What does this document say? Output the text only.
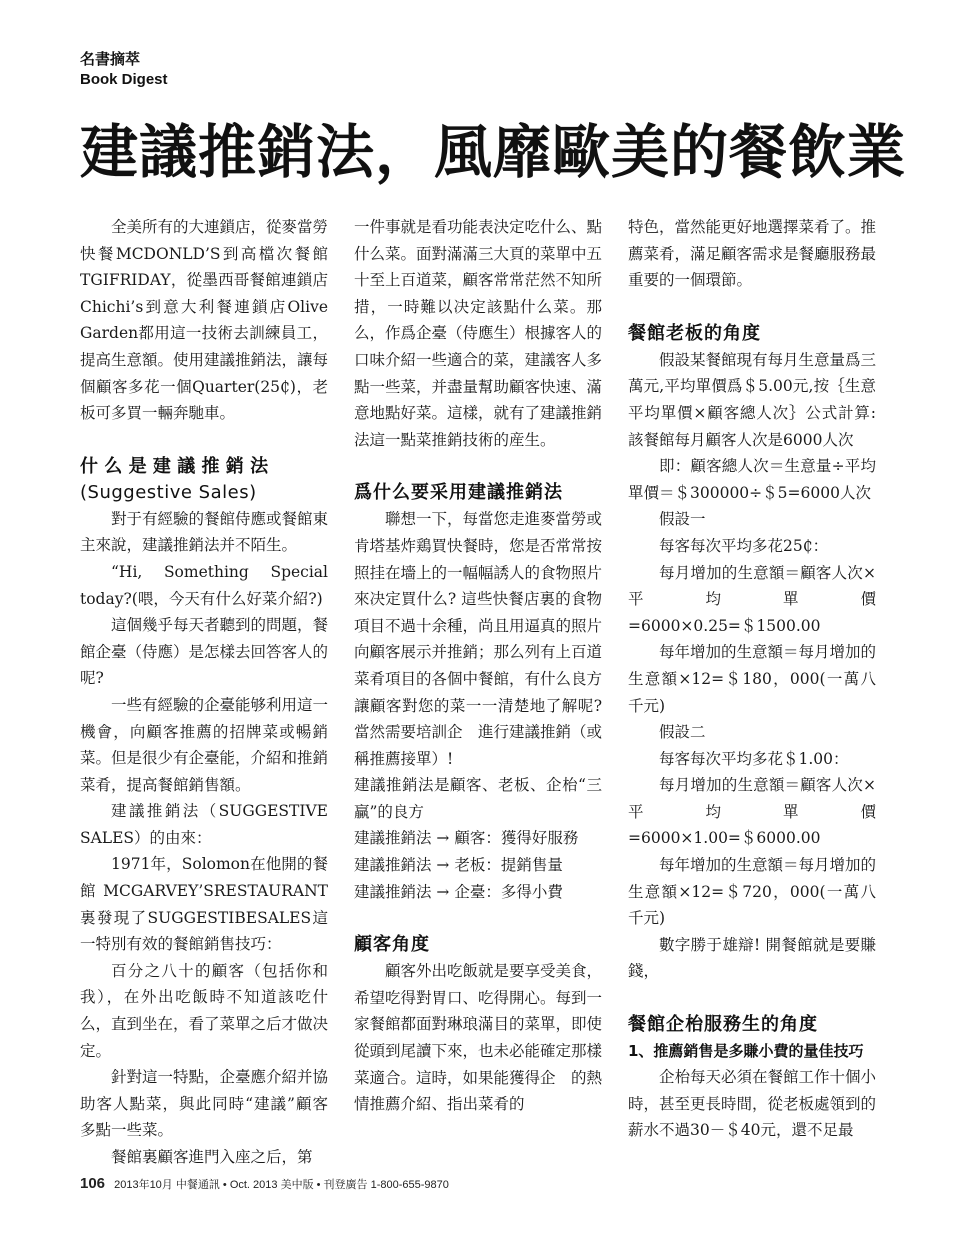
名書摘萃
Book Digest
建議推銷法，風靡歐美的餐飲業

全美所有的大連鎖店，從麥當勞快餐MCDONLD’S到高檔次餐館TGIFRIDAY，從墨西哥餐館連鎖店Chichi’s到意大利餐連鎖店Olive Garden都用這一技術去訓練員工，提高生意額。使用建議推銷法，讓每個顧客多花一個Quarter(25₵)，老板可多買一輛奔馳車。

什么是建議推銷法
(Suggestive Sales)

對于有經驗的餐館侍應或餐館東主來說，建議推銷法并不陌生。

“Hi, Something Special today?(喂，今天有什么好菜介紹?)

這個幾乎每天者聽到的問題，餐館企臺（侍應）是怎樣去回答客人的呢?

一些有經驗的企臺能够利用這一機會，向顧客推薦的招牌菜或暢銷菜。但是很少有企臺能，介紹和推銷菜肴，提高餐館銷售額。

建議推銷法（SUGGESTIVE SALES）的由來：

1971年，Solomon在他開的餐館MCGARVEY’SRESTAURANT裏發現了SUGGESTIBESALES這一特別有效的餐館銷售技巧：

百分之八十的顧客（包括你和我），在外出吃飯時不知道該吃什么，直到坐在，看了菜單之后才做决定。

針對這一特點，企臺應介紹并協助客人點菜，與此同時“建議”顧客多點一些菜。

餐館裏顧客進門入座之后，第

一件事就是看功能表決定吃什么、點什么菜。面對滿滿三大頁的菜單中五十至上百道菜，顧客常常茫然不知所措，一時難以决定該點什么菜。那么，作爲企臺（侍應生）根據客人的口味介紹一些適合的菜，建議客人多點一些菜，并盡量幫助顧客快速、滿意地點好菜。這樣，就有了建議推銷法這一點菜推銷技術的産生。

爲什么要采用建議推銷法

聯想一下，每當您走進麥當勞或肯塔基炸鶏買快餐時，您是否常常按照挂在墻上的一幅幅誘人的食物照片來决定買什么? 這些快餐店裏的食物項目不過十余種，尚且用逼真的照片向顧客展示并推銷；那么列有上百道菜肴項目的各個中餐館，有什么良方讓顧客對您的菜一一清楚地了解呢? 當然需要培訓企　進行建議推銷（或稱推薦接單）!

建議推銷法是顧客、老板、企枱“三贏”的良方

建議推銷法 → 顧客：獲得好服務

建議推銷法 → 老板：提銷售量

建議推銷法 → 企臺：多得小費

顧客角度

顧客外出吃飯就是要享受美食，希望吃得對胃口、吃得開心。每到一家餐館都面對琳琅滿目的菜單，即使從頭到尾讀下來，也未必能確定那樣菜適合。這時，如果能獲得企　的熱情推薦介紹、指出菜肴的

特色，當然能更好地選擇菜肴了。推薦菜肴，滿足顧客需求是餐廳服務最重要的一個環節。

餐館老板的角度

假設某餐館現有每月生意量爲三萬元,平均單價爲＄5.00元,按｛生意平均單價×顧客總人次｝公式計算:該餐館每月顧客人次是6000人次

即：顧客總人次＝生意量÷平均單價＝＄300000÷＄5=6000人次

假設一

每客每次平均多花25₵：

每月增加的生意額＝顧客人次×平均單價=6000×0.25=＄1500.00

每年增加的生意額＝每月增加的生意額×12=＄180，000(一萬八千元)

假設二

每客每次平均多花＄1.00：

每月增加的生意額＝顧客人次×平均單價=6000×1.00=＄6000.00

每年增加的生意額＝每月增加的生意額×12=＄720，000(一萬八千元)

數字勝于雄辯! 開餐館就是要賺錢，

餐館企枱服務生的角度
1、推薦銷售是多賺小費的量佳技巧

企枱每天必須在餐館工作十個小時，甚至更長時間，從老板處領到的薪水不過30－＄40元，還不足最

106 2013年10月 中餐通訊 • Oct. 2013 美中版 • 刊登廣告 1-800-655-9870
